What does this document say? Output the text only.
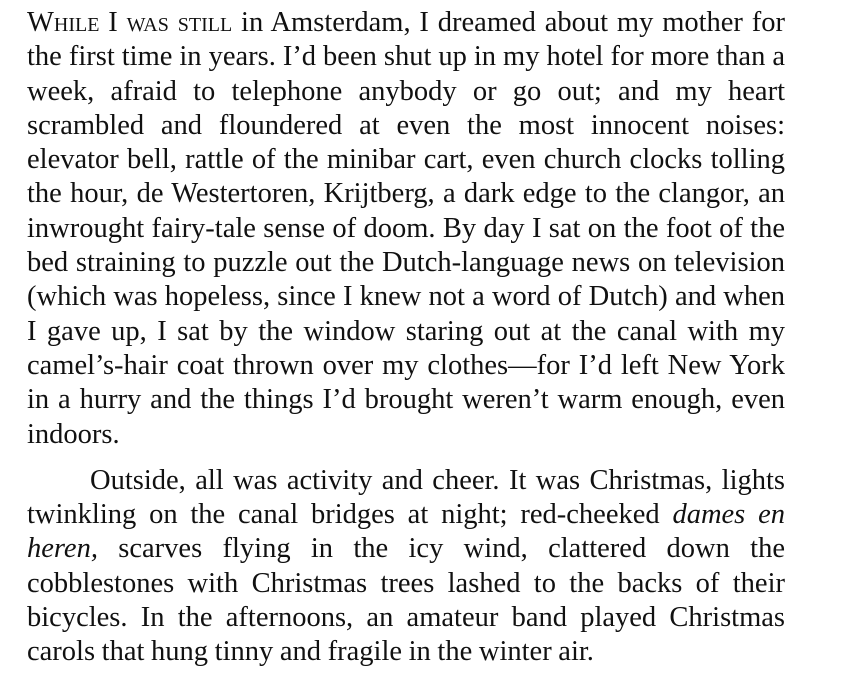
While I was still in Amsterdam, I dreamed about my mother for the first time in years. I’d been shut up in my hotel for more than a week, afraid to telephone anybody or go out; and my heart scrambled and floundered at even the most innocent noises: elevator bell, rattle of the minibar cart, even church clocks tolling the hour, de Westertoren, Krijtberg, a dark edge to the clangor, an inwrought fairy-tale sense of doom. By day I sat on the foot of the bed straining to puzzle out the Dutch-language news on television (which was hopeless, since I knew not a word of Dutch) and when I gave up, I sat by the window staring out at the canal with my camel’s-hair coat thrown over my clothes—for I’d left New York in a hurry and the things I’d brought weren’t warm enough, even indoors.

Outside, all was activity and cheer. It was Christmas, lights twinkling on the canal bridges at night; red-cheeked dames en heren, scarves flying in the icy wind, clattered down the cobblestones with Christmas trees lashed to the backs of their bicycles. In the afternoons, an amateur band played Christmas carols that hung tinny and fragile in the winter air.
